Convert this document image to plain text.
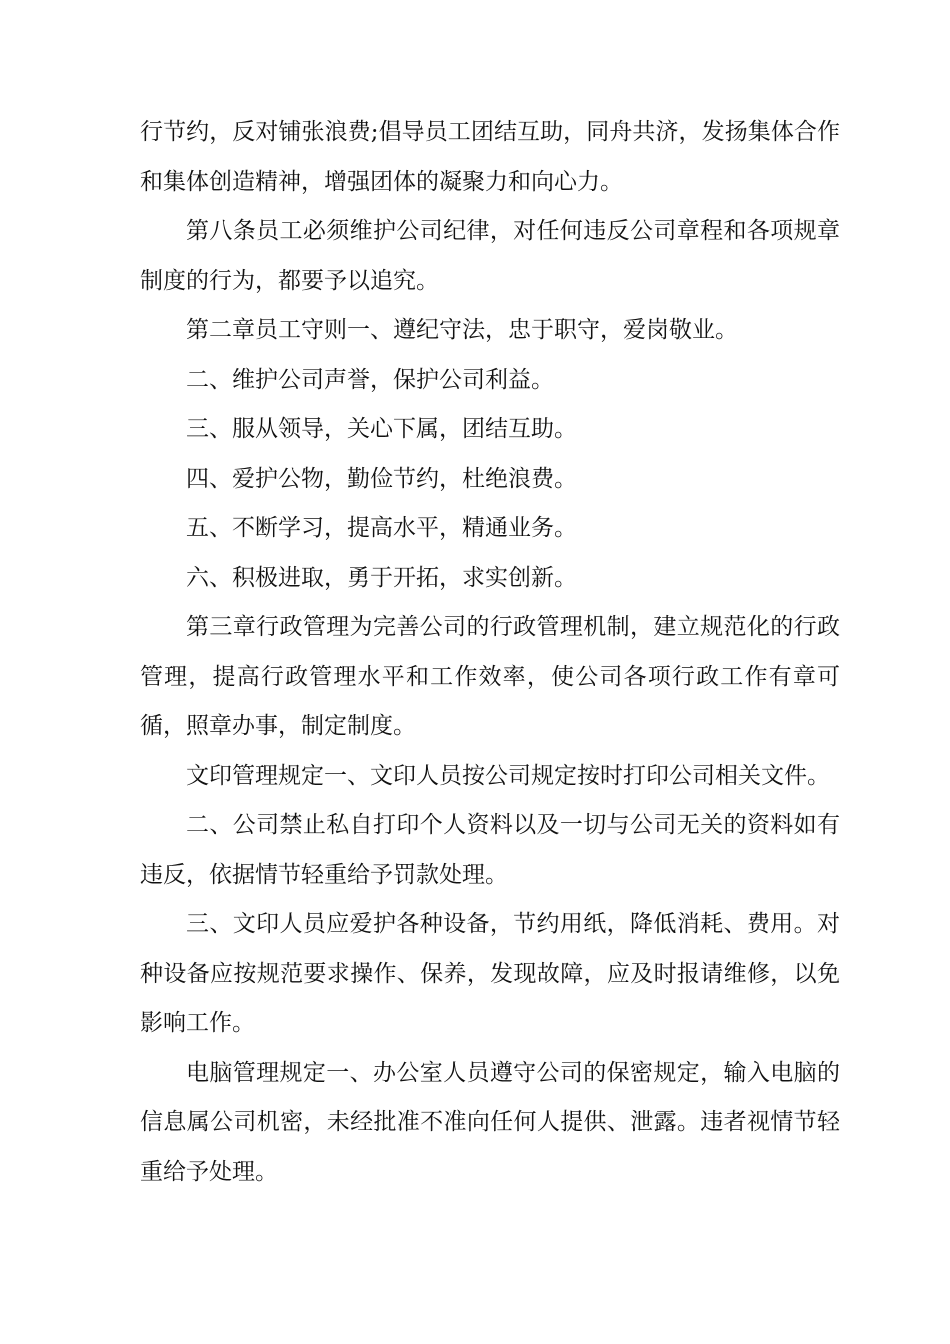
行节约，反对铺张浪费;倡导员工团结互助，同舟共济，发扬集体合作和集体创造精神，增强团体的凝聚力和向心力。

第八条员工必须维护公司纪律，对任何违反公司章程和各项规章制度的行为，都要予以追究。

第二章员工守则一、遵纪守法，忠于职守，爱岗敬业。

二、维护公司声誉，保护公司利益。

三、服从领导，关心下属，团结互助。

四、爱护公物，勤俭节约，杜绝浪费。

五、不断学习，提高水平，精通业务。

六、积极进取，勇于开拓，求实创新。

第三章行政管理为完善公司的行政管理机制，建立规范化的行政管理，提高行政管理水平和工作效率，使公司各项行政工作有章可循，照章办事，制定制度。

文印管理规定一、文印人员按公司规定按时打印公司相关文件。

二、公司禁止私自打印个人资料以及一切与公司无关的资料如有违反，依据情节轻重给予罚款处理。

三、文印人员应爱护各种设备，节约用纸，降低消耗、费用。对种设备应按规范要求操作、保养，发现故障，应及时报请维修，以免影响工作。

电脑管理规定一、办公室人员遵守公司的保密规定，输入电脑的信息属公司机密，未经批准不准向任何人提供、泄露。违者视情节轻重给予处理。
